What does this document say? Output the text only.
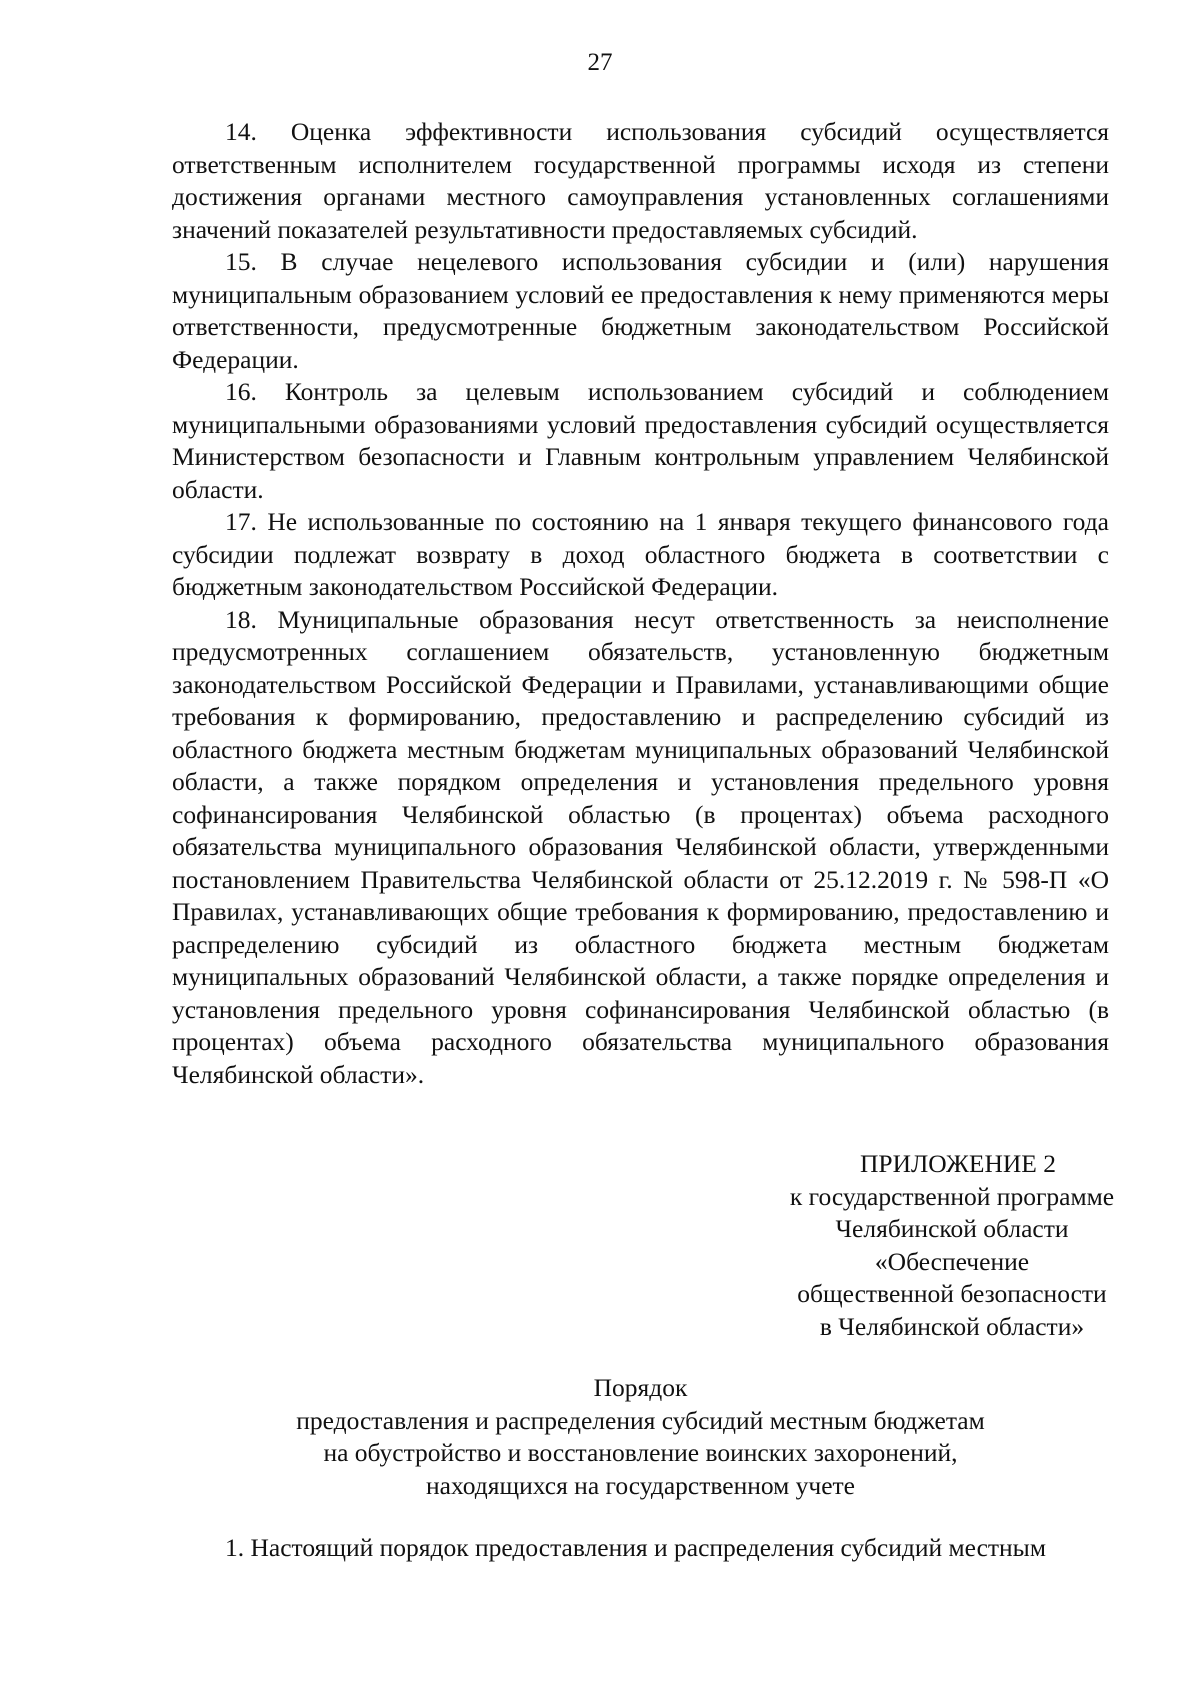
27

14. Оценка эффективности использования субсидий осуществляется ответственным исполнителем государственной программы исходя из степени достижения органами местного самоуправления установленных соглашениями значений показателей результативности предоставляемых субсидий.

15. В случае нецелевого использования субсидии и (или) нарушения муниципальным образованием условий ее предоставления к нему применяются меры ответственности, предусмотренные бюджетным законодательством Российской Федерации.

16. Контроль за целевым использованием субсидий и соблюдением муниципальными образованиями условий предоставления субсидий осуществляется Министерством безопасности и Главным контрольным управлением Челябинской области.

17. Не использованные по состоянию на 1 января текущего финансового года субсидии подлежат возврату в доход областного бюджета в соответствии с бюджетным законодательством Российской Федерации.

18. Муниципальные образования несут ответственность за неисполнение предусмотренных соглашением обязательств, установленную бюджетным законодательством Российской Федерации и Правилами, устанавливающими общие требования к формированию, предоставлению и распределению субсидий из областного бюджета местным бюджетам муниципальных образований Челябинской области, а также порядком определения и установления предельного уровня софинансирования Челябинской областью (в процентах) объема расходного обязательства муниципального образования Челябинской области, утвержденными постановлением Правительства Челябинской области от 25.12.2019 г. № 598-П «О Правилах, устанавливающих общие требования к формированию, предоставлению и распределению субсидий из областного бюджета местным бюджетам муниципальных образований Челябинской области, а также порядке определения и установления предельного уровня софинансирования Челябинской областью (в процентах) объема расходного обязательства муниципального образования Челябинской области».

ПРИЛОЖЕНИЕ 2
к государственной программе
Челябинской области
«Обеспечение
общественной безопасности
в Челябинской области»
Порядок
предоставления и распределения субсидий местным бюджетам
на обустройство и восстановление воинских захоронений,
находящихся на государственном учете

1. Настоящий порядок предоставления и распределения субсидий местным
